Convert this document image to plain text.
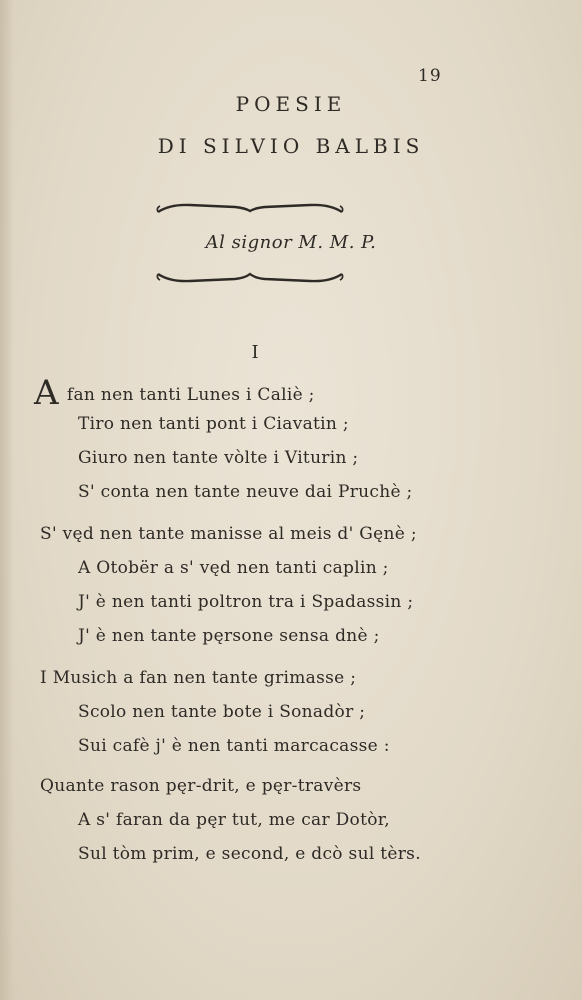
19
POESIE
DI SILVIO BALBIS
Al signor M. M. P.
I
Afan nen tanti Lunes i Caliè ;
Tiro nen tanti pont i Ciavatin ;
Giuro nen tante vòlte i Viturin ;
S' conta nen tante neuve dai Pruchè ;
S' vęd nen tante manisse al meis d' Gęnè ;
A Otobër a s' vęd nen tanti caplin ;
J' è nen tanti poltron tra i Spadassin ;
J' è nen tante pęrsone sensa dnè ;
I Musich a fan nen tante grimasse ;
Scolo nen tante bote i Sonadòr ;
Sui cafè j' è nen tanti marcacasse :
Quante rason pęr-drit, e pęr-travèrs
A s' faran da pęr tut, me car Dotòr,
Sul tòm prim, e second, e dcò sul tèrs.
